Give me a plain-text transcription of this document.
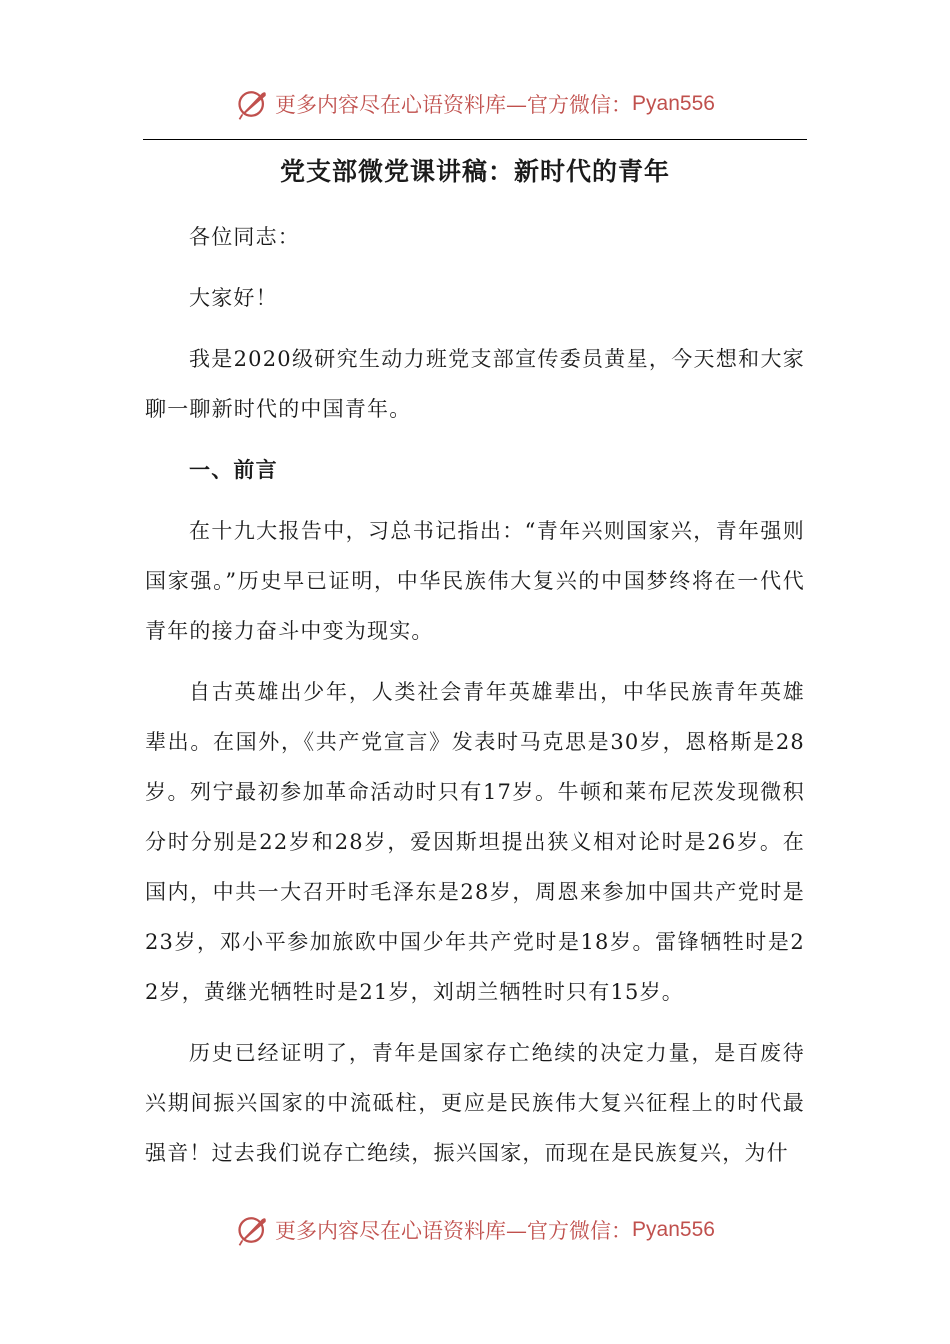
更多内容尽在心语资料库—官方微信： Pyan556
党支部微党课讲稿：新时代的青年

各位同志：

大家好！

我是2020级研究生动力班党支部宣传委员黄星，今天想和大家聊一聊新时代的中国青年。

一、前言

在十九大报告中，习总书记指出：“青年兴则国家兴，青年强则国家强。”历史早已证明，中华民族伟大复兴的中国梦终将在一代代青年的接力奋斗中变为现实。

自古英雄出少年，人类社会青年英雄辈出，中华民族青年英雄辈出。在国外，《共产党宣言》发表时马克思是30岁，恩格斯是28岁。列宁最初参加革命活动时只有17岁。牛顿和莱布尼茨发现微积分时分别是22岁和28岁，爱因斯坦提出狭义相对论时是26岁。在国内，中共一大召开时毛泽东是28岁，周恩来参加中国共产党时是23岁，邓小平参加旅欧中国少年共产党时是18岁。雷锋牺牲时是22岁，黄继光牺牲时是21岁，刘胡兰牺牲时只有15岁。

历史已经证明了，青年是国家存亡绝续的决定力量，是百废待兴期间振兴国家的中流砥柱，更应是民族伟大复兴征程上的时代最强音！过去我们说存亡绝续，振兴国家，而现在是民族复兴，为什

更多内容尽在心语资料库—官方微信： Pyan556
